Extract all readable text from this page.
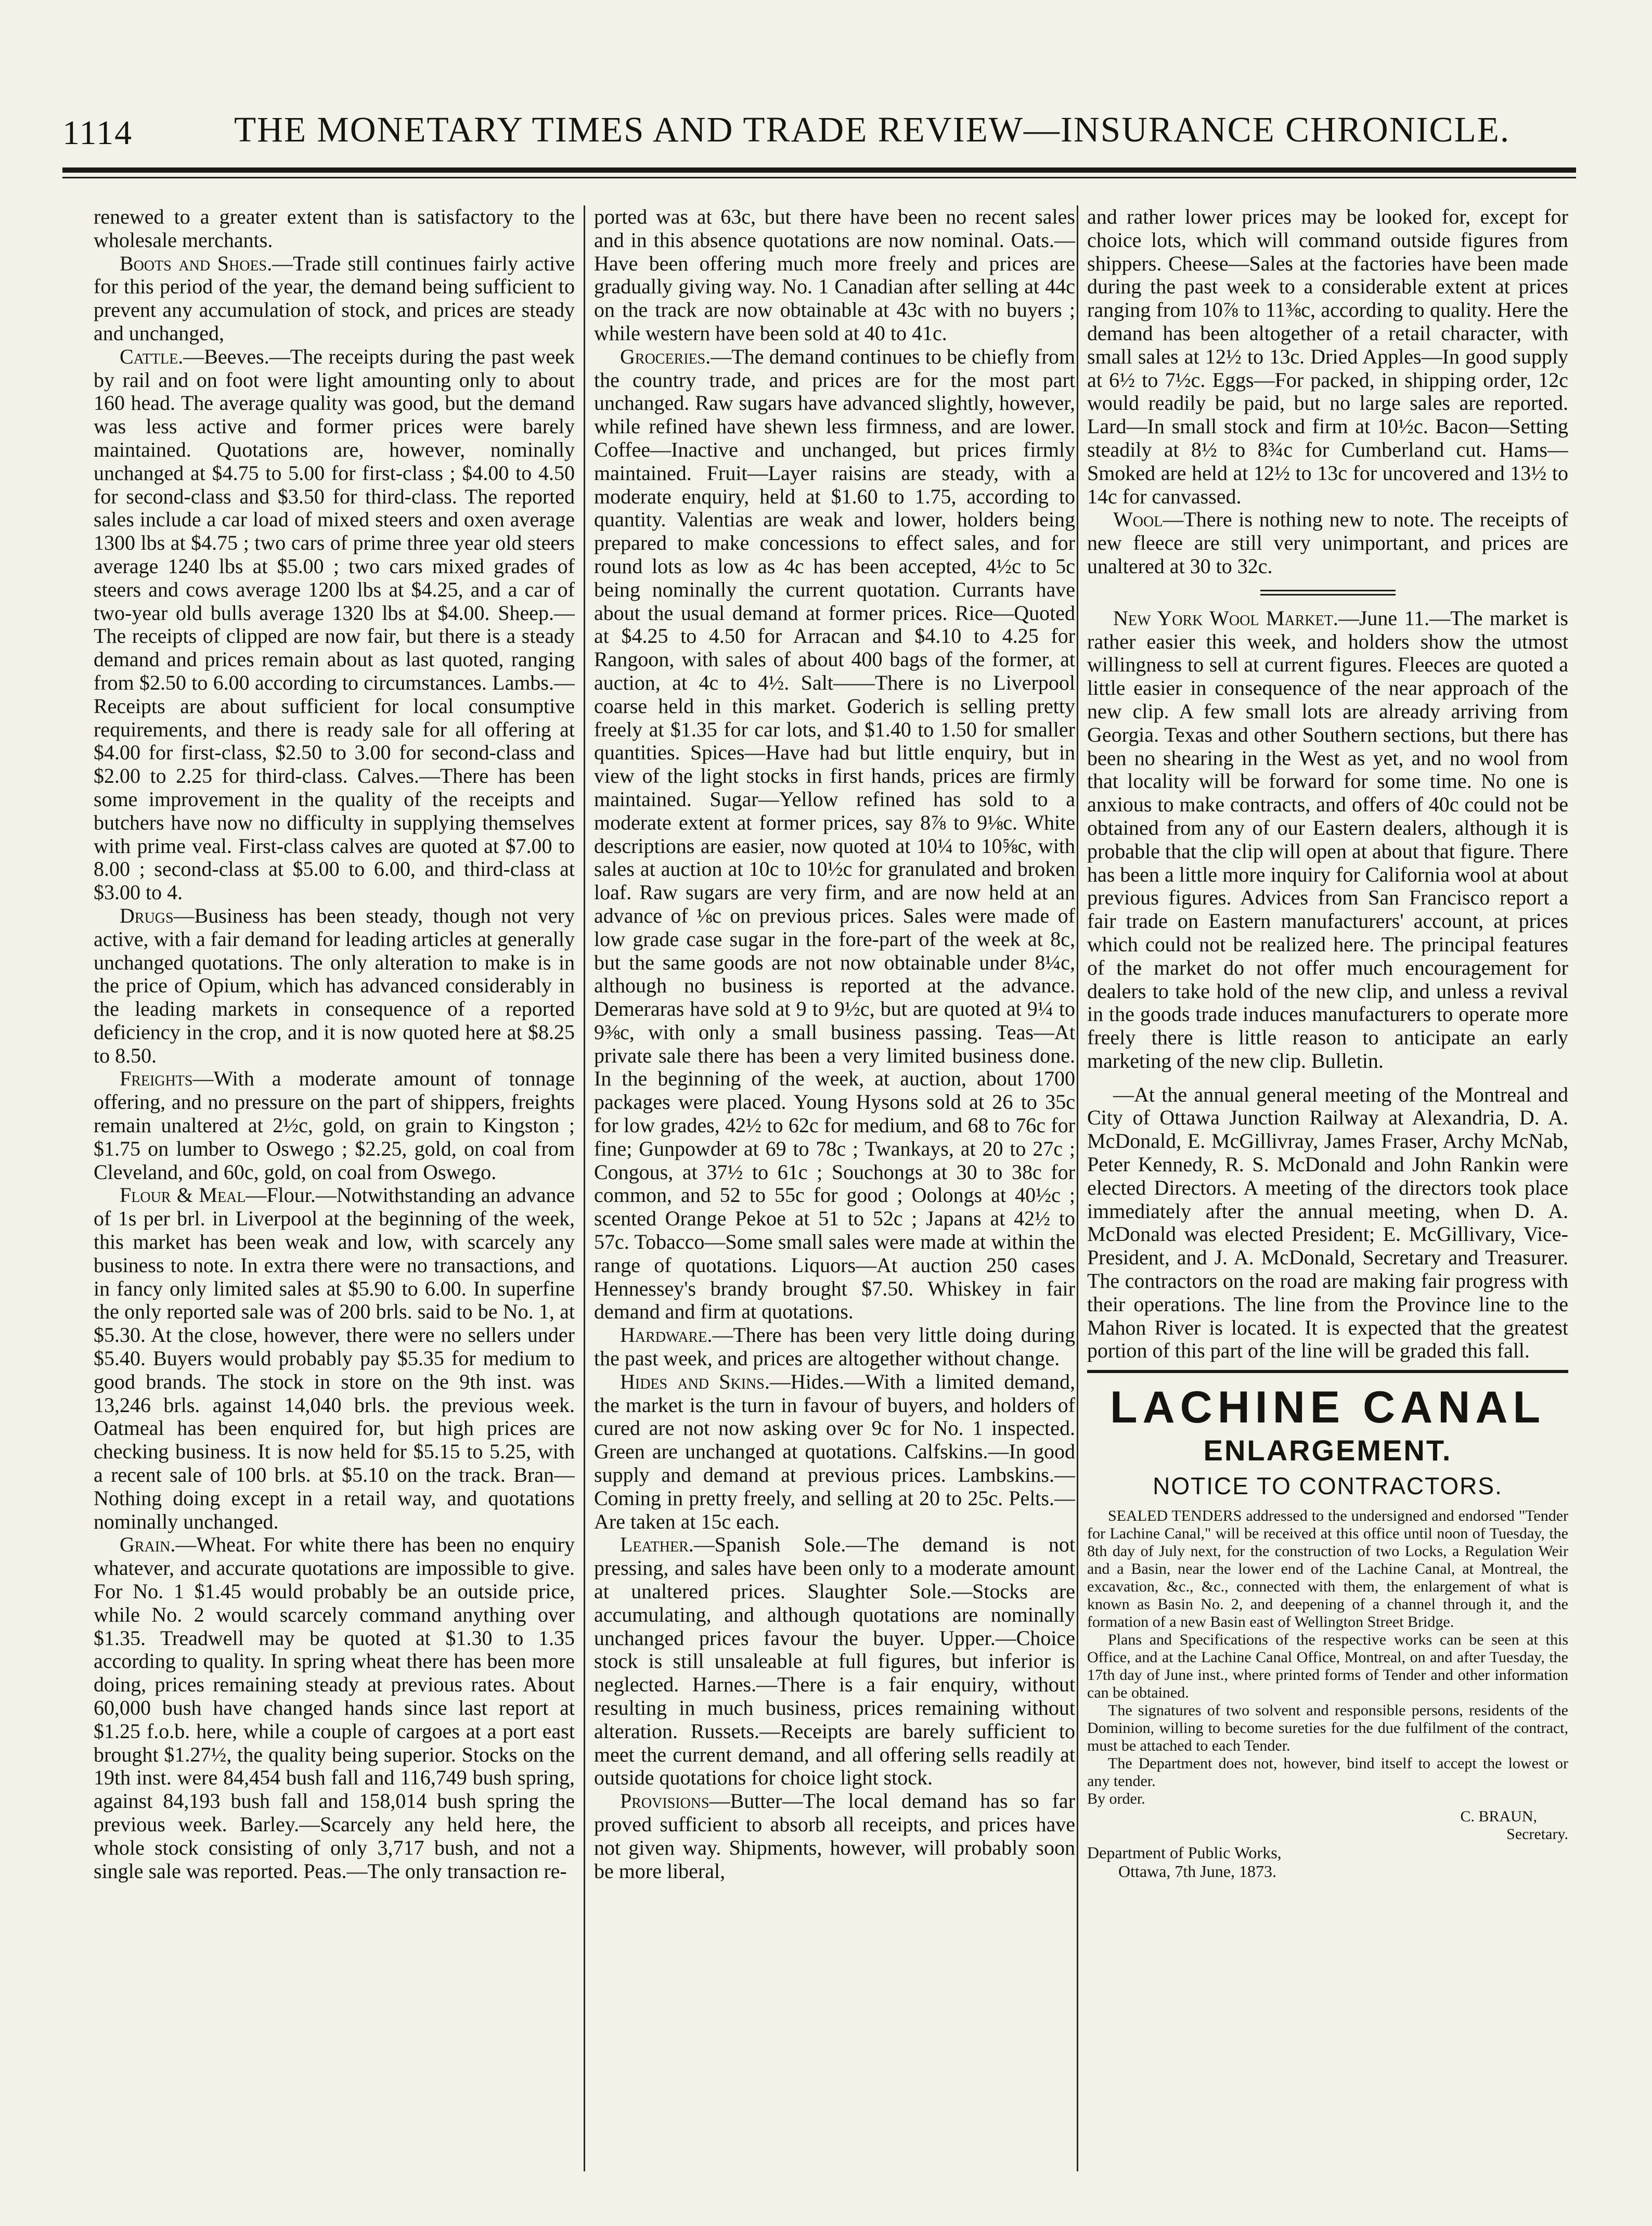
1114	THE MONETARY TIMES AND TRADE REVIEW—INSURANCE CHRONICLE.

renewed to a greater extent than is satisfactory to the wholesale merchants.

Boots and Shoes.—Trade still continues fairly active for this period of the year, the demand being sufficient to prevent any accumulation of stock, and prices are steady and unchanged,

Cattle.—Beeves.—The receipts during the past week by rail and on foot were light amounting only to about 160 head. The average quality was good, but the demand was less active and former prices were barely maintained. Quotations are, however, nominally unchanged at $4.75 to 5.00 for first-class ; $4.00 to 4.50 for second-class and $3.50 for third-class. The reported sales include a car load of mixed steers and oxen average 1300 lbs at $4.75 ; two cars of prime three year old steers average 1240 lbs at $5.00 ; two cars mixed grades of steers and cows average 1200 lbs at $4.25, and a car of two-year old bulls average 1320 lbs at $4.00. Sheep.—The receipts of clipped are now fair, but there is a steady demand and prices remain about as last quoted, ranging from $2.50 to 6.00 according to circumstances. Lambs.—Receipts are about sufficient for local consumptive requirements, and there is ready sale for all offering at $4.00 for first-class, $2.50 to 3.00 for second-class and $2.00 to 2.25 for third-class. Calves.—There has been some improvement in the quality of the receipts and butchers have now no difficulty in supplying themselves with prime veal. First-class calves are quoted at $7.00 to 8.00 ; second-class at $5.00 to 6.00, and third-class at $3.00 to 4.

Drugs—Business has been steady, though not very active, with a fair demand for leading articles at generally unchanged quotations. The only alteration to make is in the price of Opium, which has advanced considerably in the leading markets in consequence of a reported deficiency in the crop, and it is now quoted here at $8.25 to 8.50.

Freights—With a moderate amount of tonnage offering, and no pressure on the part of shippers, freights remain unaltered at 2½c, gold, on grain to Kingston ; $1.75 on lumber to Oswego ; $2.25, gold, on coal from Cleveland, and 60c, gold, on coal from Oswego.

Flour & Meal—Flour.—Notwithstanding an advance of 1s per brl. in Liverpool at the beginning of the week, this market has been weak and low, with scarcely any business to note. In extra there were no transactions, and in fancy only limited sales at $5.90 to 6.00. In superfine the only reported sale was of 200 brls. said to be No. 1, at $5.30. At the close, however, there were no sellers under $5.40. Buyers would probably pay $5.35 for medium to good brands. The stock in store on the 9th inst. was 13,246 brls. against 14,040 brls. the previous week. Oatmeal has been enquired for, but high prices are checking business. It is now held for $5.15 to 5.25, with a recent sale of 100 brls. at $5.10 on the track. Bran—Nothing doing except in a retail way, and quotations nominally unchanged.

Grain.—Wheat. For white there has been no enquiry whatever, and accurate quotations are impossible to give. For No. 1 $1.45 would probably be an outside price, while No. 2 would scarcely command anything over $1.35. Treadwell may be quoted at $1.30 to 1.35 according to quality. In spring wheat there has been more doing, prices remaining steady at previous rates. About 60,000 bush have changed hands since last report at $1.25 f.o.b. here, while a couple of cargoes at a port east brought $1.27½, the quality being superior. Stocks on the 19th inst. were 84,454 bush fall and 116,749 bush spring, against 84,193 bush fall and 158,014 bush spring the previous week. Barley.—Scarcely any held here, the whole stock consisting of only 3,717 bush, and not a single sale was reported. Peas.—The only transaction re-

ported was at 63c, but there have been no recent sales and in this absence quotations are now nominal. Oats.—Have been offering much more freely and prices are gradually giving way. No. 1 Canadian after selling at 44c on the track are now obtainable at 43c with no buyers ; while western have been sold at 40 to 41c.

Groceries.—The demand continues to be chiefly from the country trade, and prices are for the most part unchanged. Raw sugars have advanced slightly, however, while refined have shewn less firmness, and are lower. Coffee—Inactive and unchanged, but prices firmly maintained. Fruit—Layer raisins are steady, with a moderate enquiry, held at $1.60 to 1.75, according to quantity. Valentias are weak and lower, holders being prepared to make concessions to effect sales, and for round lots as low as 4c has been accepted, 4½c to 5c being nominally the current quotation. Currants have about the usual demand at former prices. Rice—Quoted at $4.25 to 4.50 for Arracan and $4.10 to 4.25 for Rangoon, with sales of about 400 bags of the former, at auction, at 4c to 4½. Salt——There is no Liverpool coarse held in this market. Goderich is selling pretty freely at $1.35 for car lots, and $1.40 to 1.50 for smaller quantities. Spices—Have had but little enquiry, but in view of the light stocks in first hands, prices are firmly maintained. Sugar—Yellow refined has sold to a moderate extent at former prices, say 8⅞ to 9⅛c. White descriptions are easier, now quoted at 10¼ to 10⅝c, with sales at auction at 10c to 10½c for granulated and broken loaf. Raw sugars are very firm, and are now held at an advance of ⅛c on previous prices. Sales were made of low grade case sugar in the fore-part of the week at 8c, but the same goods are not now obtainable under 8¼c, although no business is reported at the advance. Demeraras have sold at 9 to 9½c, but are quoted at 9¼ to 9⅜c, with only a small business passing. Teas—At private sale there has been a very limited business done. In the beginning of the week, at auction, about 1700 packages were placed. Young Hysons sold at 26 to 35c for low grades, 42½ to 62c for medium, and 68 to 76c for fine; Gunpowder at 69 to 78c ; Twankays, at 20 to 27c ; Congous, at 37½ to 61c ; Souchongs at 30 to 38c for common, and 52 to 55c for good ; Oolongs at 40½c ; scented Orange Pekoe at 51 to 52c ; Japans at 42½ to 57c. Tobacco—Some small sales were made at within the range of quotations. Liquors—At auction 250 cases Hennessey's brandy brought $7.50. Whiskey in fair demand and firm at quotations.

Hardware.—There has been very little doing during the past week, and prices are altogether without change.

Hides and Skins.—Hides.—With a limited demand, the market is the turn in favour of buyers, and holders of cured are not now asking over 9c for No. 1 inspected. Green are unchanged at quotations. Calfskins.—In good supply and demand at previous prices. Lambskins.—Coming in pretty freely, and selling at 20 to 25c. Pelts.—Are taken at 15c each.

Leather.—Spanish Sole.—The demand is not pressing, and sales have been only to a moderate amount at unaltered prices. Slaughter Sole.—Stocks are accumulating, and although quotations are nominally unchanged prices favour the buyer. Upper.—Choice stock is still unsaleable at full figures, but inferior is neglected. Harnes.—There is a fair enquiry, without resulting in much business, prices remaining without alteration. Russets.—Receipts are barely sufficient to meet the current demand, and all offering sells readily at outside quotations for choice light stock.

Provisions—Butter—The local demand has so far proved sufficient to absorb all receipts, and prices have not given way. Shipments, however, will probably soon be more liberal,

and rather lower prices may be looked for, except for choice lots, which will command outside figures from shippers. Cheese—Sales at the factories have been made during the past week to a considerable extent at prices ranging from 10⅞ to 11⅜c, according to quality. Here the demand has been altogether of a retail character, with small sales at 12½ to 13c. Dried Apples—In good supply at 6½ to 7½c. Eggs—For packed, in shipping order, 12c would readily be paid, but no large sales are reported. Lard—In small stock and firm at 10½c. Bacon—Setting steadily at 8½ to 8¾c for Cumberland cut. Hams—Smoked are held at 12½ to 13c for uncovered and 13½ to 14c for canvassed.

Wool—There is nothing new to note. The receipts of new fleece are still very unimportant, and prices are unaltered at 30 to 32c.

New York Wool Market.—June 11.—The market is rather easier this week, and holders show the utmost willingness to sell at current figures. Fleeces are quoted a little easier in consequence of the near approach of the new clip. A few small lots are already arriving from Georgia. Texas and other Southern sections, but there has been no shearing in the West as yet, and no wool from that locality will be forward for some time. No one is anxious to make contracts, and offers of 40c could not be obtained from any of our Eastern dealers, although it is probable that the clip will open at about that figure. There has been a little more inquiry for California wool at about previous figures. Advices from San Francisco report a fair trade on Eastern manufacturers' account, at prices which could not be realized here. The principal features of the market do not offer much encouragement for dealers to take hold of the new clip, and unless a revival in the goods trade induces manufacturers to operate more freely there is little reason to anticipate an early marketing of the new clip. Bulletin.

—At the annual general meeting of the Montreal and City of Ottawa Junction Railway at Alexandria, D. A. McDonald, E. McGillivray, James Fraser, Archy McNab, Peter Kennedy, R. S. McDonald and John Rankin were elected Directors. A meeting of the directors took place immediately after the annual meeting, when D. A. McDonald was elected President; E. McGillivary, Vice-President, and J. A. McDonald, Secretary and Treasurer. The contractors on the road are making fair progress with their operations. The line from the Province line to the Mahon River is located. It is expected that the greatest portion of this part of the line will be graded this fall.

LACHINE CANAL
ENLARGEMENT.
NOTICE TO CONTRACTORS.

SEALED TENDERS addressed to the undersigned and endorsed "Tender for Lachine Canal," will be received at this office until noon of Tuesday, the 8th day of July next, for the construction of two Locks, a Regulation Weir and a Basin, near the lower end of the Lachine Canal, at Montreal, the excavation, &c., &c., connected with them, the enlargement of what is known as Basin No. 2, and deepening of a channel through it, and the formation of a new Basin east of Wellington Street Bridge.

Plans and Specifications of the respective works can be seen at this Office, and at the Lachine Canal Office, Montreal, on and after Tuesday, the 17th day of June inst., where printed forms of Tender and other information can be obtained.

The signatures of two solvent and responsible persons, residents of the Dominion, willing to become sureties for the due fulfilment of the contract, must be attached to each Tender.

The Department does not, however, bind itself to accept the lowest or any tender.

By order.

C. BRAUN,

Secretary.

Department of Public Works,
Ottawa, 7th June, 1873.
